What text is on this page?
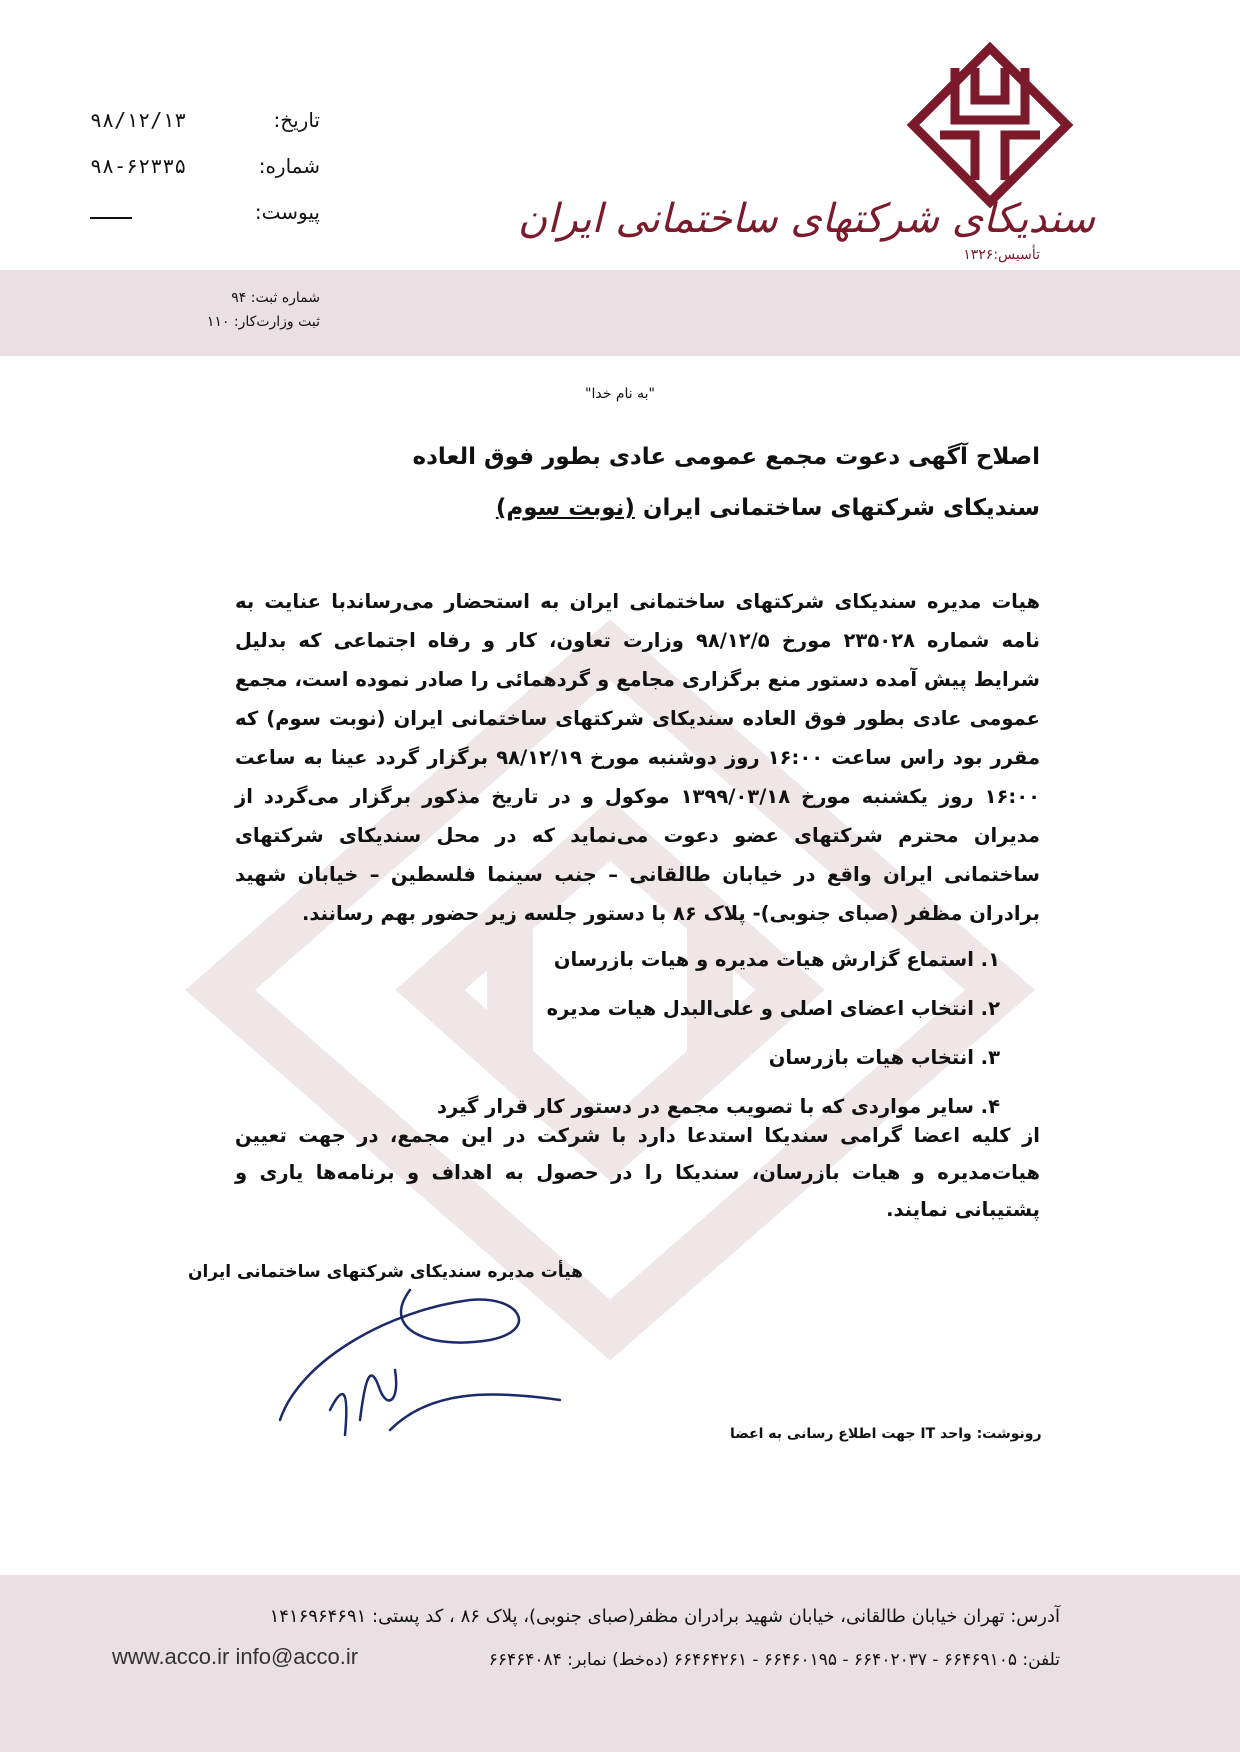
سندیکای شرکتهای ساختمانی ایران
تأسیس:۱۳۲۶
تاریخ:
۹۸/۱۲/۱۳
شماره:
۹۸-۶۲۳۳۵
پیوست:
شماره ثبت: ۹۴
ثبت وزارت‌کار: ۱۱۰
"به نام خدا"
اصلاح آگهی دعوت مجمع عمومی عادی بطور فوق العاده
سندیکای شرکتهای ساختمانی ایران (نوبت سوم)
هیات مدیره سندیکای شرکتهای ساختمانی ایران به استحضار می‌رساندبا عنایت به نامه شماره ۲۳۵۰۲۸ مورخ ۹۸/۱۲/۵ وزارت تعاون، کار و رفاه اجتماعی که بدلیل شرایط پیش آمده دستور منع برگزاری مجامع و گردهمائی را صادر نموده است، مجمع عمومی عادی بطور فوق العاده سندیکای شرکتهای ساختمانی ایران (نوبت سوم) که مقرر بود راس ساعت ۱۶:۰۰ روز دوشنبه مورخ ۹۸/۱۲/۱۹ برگزار گردد عینا به ساعت ۱۶:۰۰ روز یکشنبه مورخ ۱۳۹۹/۰۳/۱۸ موکول و در تاریخ مذکور برگزار می‌گردد از مدیران محترم شرکتهای عضو دعوت می‌نماید که در محل سندیکای شرکتهای ساختمانی ایران واقع در خیابان طالقانی – جنب سینما فلسطین – خیابان شهید برادران مظفر (صبای جنوبی)- پلاک ۸۶ با دستور جلسه زیر حضور بهم رسانند.
۱. استماع گزارش هیات مدیره و هیات بازرسان
۲. انتخاب اعضای اصلی و علی‌البدل هیات مدیره
۳. انتخاب هیات بازرسان
۴. سایر مواردی که با تصویب مجمع در دستور کار قرار گیرد
از کلیه اعضا گرامی سندیکا استدعا دارد با شرکت در این مجمع، در جهت تعیین هیات‌مدیره و هیات بازرسان، سندیکا را در حصول به اهداف و برنامه‌ها یاری و پشتیبانی نمایند.
هیأت مدیره سندیکای شرکتهای ساختمانی ایران
رونوشت: واحد IT جهت اطلاع رسانی به اعضا
آدرس: تهران خیابان طالقانی، خیابان شهید برادران مظفر(صبای جنوبی)، پلاک ۸۶ ، کد پستی: ۱۴۱۶۹۶۴۶۹۱
تلفن: ۶۶۴۶۹۱۰۵ - ۶۶۴۰۲۰۳۷ - ۶۶۴۶۰۱۹۵ - ۶۶۴۶۴۲۶۱ (ده‌خط) نمابر: ۶۶۴۶۴۰۸۴
www.acco.ir info@acco.ir
